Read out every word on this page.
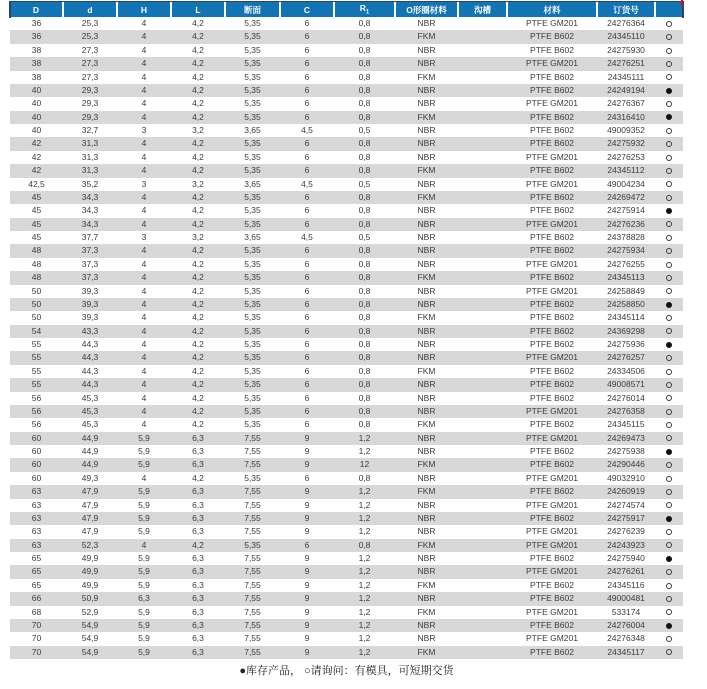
D	d	H	L	断面	C	$R_1$	O形圈材料	沟槽	材料	订货号	
36	25,3	4	4,2	5,35	6	0,8	NBR		PTFE GM201	24276364	
36	25,3	4	4,2	5,35	6	0,8	FKM		PTFE B602	24345110	
38	27,3	4	4,2	5,35	6	0,8	NBR		PTFE B602	24275930	
38	27,3	4	4,2	5,35	6	0,8	NBR		PTFE GM201	24276251	
38	27,3	4	4,2	5,35	6	0,8	FKM		PTFE B602	24345111	
40	29,3	4	4,2	5,35	6	0,8	NBR		PTFE B602	24249194	
40	29,3	4	4,2	5,35	6	0,8	NBR		PTFE GM201	24276367	
40	29,3	4	4,2	5,35	6	0,8	FKM		PTFE B602	24316410	
40	32,7	3	3,2	3,65	4,5	0,5	NBR		PTFE B602	49009352	
42	31,3	4	4,2	5,35	6	0,8	NBR		PTFE B602	24275932	
42	31,3	4	4,2	5,35	6	0,8	NBR		PTFE GM201	24276253	
42	31,3	4	4,2	5,35	6	0,8	FKM		PTFE B602	24345112	
42,5	35,2	3	3,2	3,65	4,5	0,5	NBR		PTFE GM201	49004234	
45	34,3	4	4,2	5,35	6	0,8	FKM		PTFE B602	24269472	
45	34,3	4	4,2	5,35	6	0,8	NBR		PTFE B602	24275914	
45	34,3	4	4,2	5,35	6	0,8	NBR		PTFE GM201	24276236	
45	37,7	3	3,2	3,65	4,5	0,5	NBR		PTFE B602	24378828	
48	37,3	4	4,2	5,35	6	0,8	NBR		PTFE B602	24275934	
48	37,3	4	4,2	5,35	6	0,8	NBR		PTFE GM201	24276255	
48	37,3	4	4,2	5,35	6	0,8	FKM		PTFE B602	24345113	
50	39,3	4	4,2	5,35	6	0,8	NBR		PTFE GM201	24258849	
50	39,3	4	4,2	5,35	6	0,8	NBR		PTFE B602	24258850	
50	39,3	4	4,2	5,35	6	0,8	FKM		PTFE B602	24345114	
54	43,3	4	4,2	5,35	6	0,8	NBR		PTFE B602	24369298	
55	44,3	4	4,2	5,35	6	0,8	NBR		PTFE B602	24275936	
55	44,3	4	4,2	5,35	6	0,8	NBR		PTFE GM201	24276257	
55	44,3	4	4,2	5,35	6	0,8	FKM		PTFE B602	24334506	
55	44,3	4	4,2	5,35	6	0,8	NBR		PTFE B602	49008571	
56	45,3	4	4,2	5,35	6	0,8	NBR		PTFE B602	24276014	
56	45,3	4	4,2	5,35	6	0,8	NBR		PTFE GM201	24276358	
56	45,3	4	4,2	5,35	6	0,8	FKM		PTFE B602	24345115	
60	44,9	5,9	6,3	7,55	9	1,2	NBR		PTFE GM201	24269473	
60	44,9	5,9	6,3	7,55	9	1,2	NBR		PTFE B602	24275938	
60	44,9	5,9	6,3	7,55	9	12	FKM		PTFE B602	24290446	
60	49,3	4	4,2	5,35	6	0,8	NBR		PTFE GM201	49032910	
63	47,9	5,9	6,3	7,55	9	1,2	FKM		PTFE B602	24260919	
63	47,9	5,9	6,3	7,55	9	1,2	NBR		PTFE GM201	24274574	
63	47,9	5,9	6,3	7,55	9	1,2	NBR		PTFE B602	24275917	
63	47,9	5,9	6,3	7,55	9	1,2	NBR		PTFE GM201	24276239	
63	52,3	4	4,2	5,35	6	0,8	FKM		PTFE GM201	24243923	
65	49,9	5,9	6,3	7,55	9	1,2	NBR		PTFE B602	24275940	
65	49,9	5,9	6,3	7,55	9	1,2	NBR		PTFE GM201	24276261	
65	49,9	5,9	6,3	7,55	9	1,2	FKM		PTFE B602	24345116	
66	50,9	6,3	6,3	7,55	9	1,2	NBR		PTFE B602	49000481	
68	52,9	5,9	6,3	7,55	9	1,2	FKM		PTFE GM201	533174	
70	54,9	5,9	6,3	7,55	9	1,2	NBR		PTFE B602	24276004	
70	54,9	5,9	6,3	7,55	9	1,2	NBR		PTFE GM201	24276348	
70	54,9	5,9	6,3	7,55	9	1,2	FKM		PTFE B602	24345117	
●库存产品， ○请询问：有模具，可短期交货
